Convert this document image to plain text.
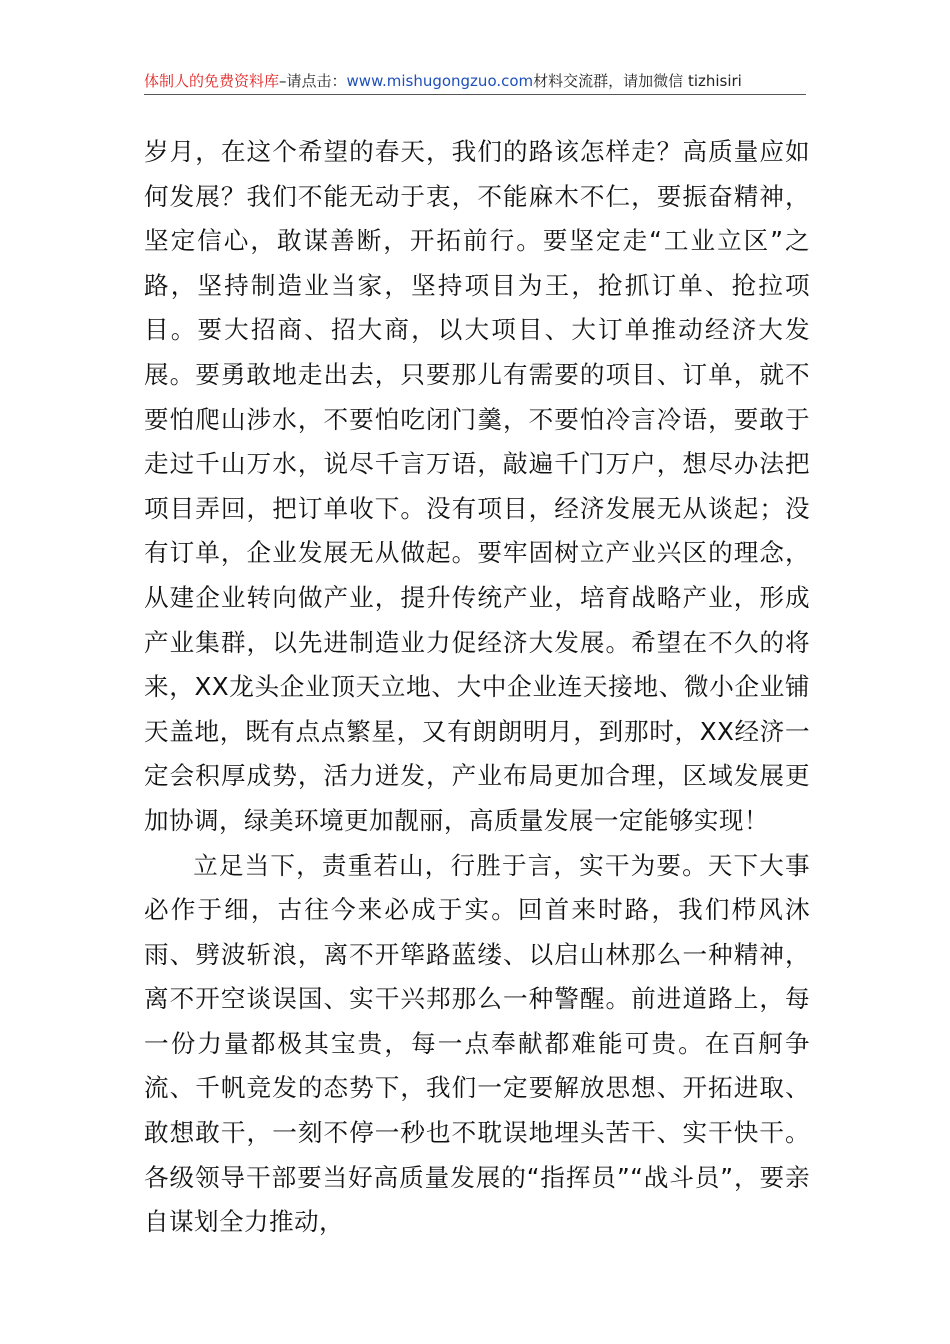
体制人的免费资料库–请点击：www.mishugongzuo.com材料交流群，请加微信 tizhisiri

岁月，在这个希望的春天，我们的路该怎样走？高质量应如何发展？我们不能无动于衷，不能麻木不仁，要振奋精神，坚定信心，敢谋善断，开拓前行。要坚定走“工业立区”之路，坚持制造业当家，坚持项目为王，抢抓订单、抢拉项目。要大招商、招大商，以大项目、大订单推动经济大发展。要勇敢地走出去，只要那儿有需要的项目、订单，就不要怕爬山涉水，不要怕吃闭门羹，不要怕冷言冷语，要敢于走过千山万水，说尽千言万语，敲遍千门万户，想尽办法把项目弄回，把订单收下。没有项目，经济发展无从谈起；没有订单，企业发展无从做起。要牢固树立产业兴区的理念，从建企业转向做产业，提升传统产业，培育战略产业，形成产业集群，以先进制造业力促经济大发展。希望在不久的将来，XX龙头企业顶天立地、大中企业连天接地、微小企业铺天盖地，既有点点繁星，又有朗朗明月，到那时，XX经济一定会积厚成势，活力迸发，产业布局更加合理，区域发展更加协调，绿美环境更加靓丽，高质量发展一定能够实现！

立足当下，责重若山，行胜于言，实干为要。天下大事必作于细，古往今来必成于实。回首来时路，我们栉风沐雨、劈波斩浪，离不开筚路蓝缕、以启山林那么一种精神，离不开空谈误国、实干兴邦那么一种警醒。前进道路上，每一份力量都极其宝贵，每一点奉献都难能可贵。在百舸争流、千帆竞发的态势下，我们一定要解放思想、开拓进取、敢想敢干，一刻不停一秒也不耽误地埋头苦干、实干快干。各级领导干部要当好高质量发展的“指挥员”“战斗员”，要亲自谋划全力推动，
